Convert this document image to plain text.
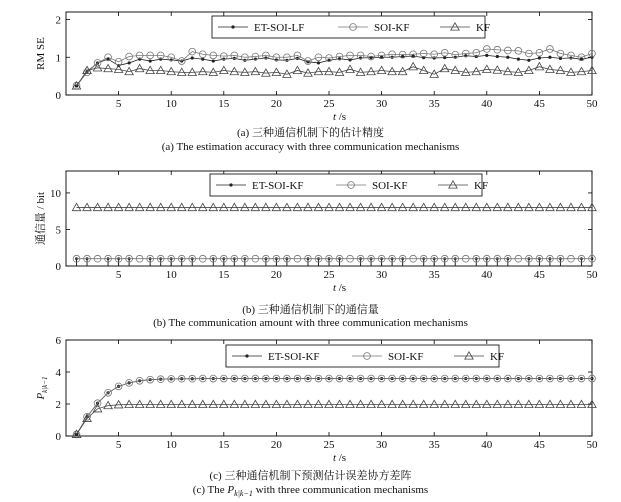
5	10	15	20	25	30	35	40	45	50
0
1
2
t /s
RM SE
ET-SOI-LF	SOI-KF	KF
5	10	15	20	25	30	35	40	45	50
0
5
10
t /s
通信量 / bit
ET-SOI-KF	SOI-KF	KF
5	10	15	20	25	30	35	40	45	50
0
2
4
6
t /s
$P_{k|k-1}$
ET-SOI-KF	SOI-KF	KF
(a) 三种通信机制下的估计精度
(a) The estimation accuracy with three communication mechanisms
(b) 三种通信机制下的通信量
(b) The communication amount with three communication mechanisms
(c) 三种通信机制下预测估计误差协方差阵
(c) The $P_{k|k-1}$ with three communication mechanisms
